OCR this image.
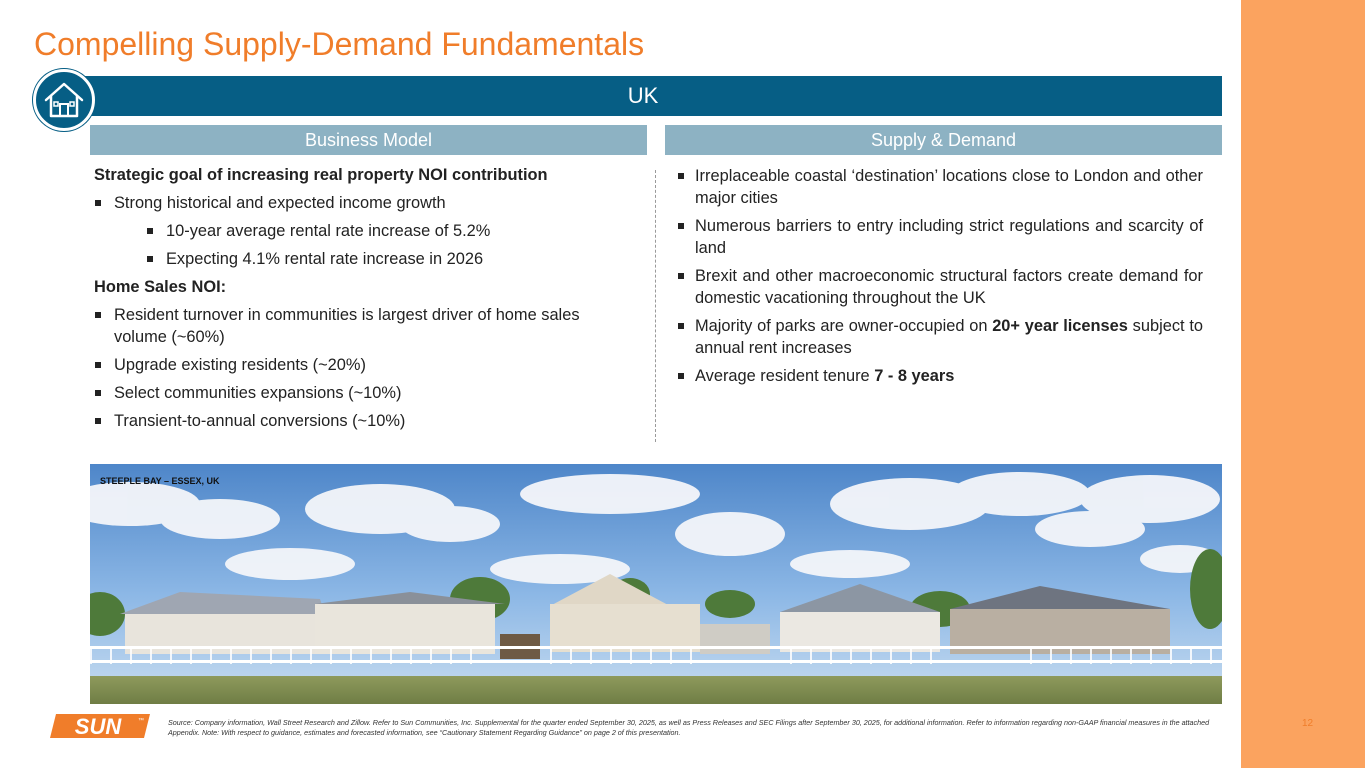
Compelling Supply-Demand Fundamentals
UK
Business Model	Supply & Demand
Strategic goal of increasing real property NOI contribution
Strong historical and expected income growth
10-year average rental rate increase of 5.2%
Expecting 4.1% rental rate increase in 2026
Home Sales NOI:
Resident turnover in communities is largest driver of home sales volume (~60%)
Upgrade existing residents (~20%)
Select communities expansions (~10%)
Transient-to-annual conversions (~10%)
Irreplaceable coastal ‘destination’ locations close to London and other major cities
Numerous barriers to entry including strict regulations and scarcity of land
Brexit and other macroeconomic structural factors create demand for domestic vacationing throughout the UK
Majority of parks are owner-occupied on 20+ year licenses subject to annual rent increases
Average resident tenure 7 - 8 years
STEEPLE BAY – ESSEX, UK
SUN	™	Source: Company information, Wall Street Research and Zillow. Refer to Sun Communities, Inc. Supplemental for the quarter ended September 30, 2025, as well as Press Releases and SEC Filings after September 30, 2025, for additional information. Refer to information regarding non-GAAP financial measures in the attached Appendix. Note: With respect to guidance, estimates and forecasted information, see “Cautionary Statement Regarding Guidance” on page 2 of this presentation.
12
